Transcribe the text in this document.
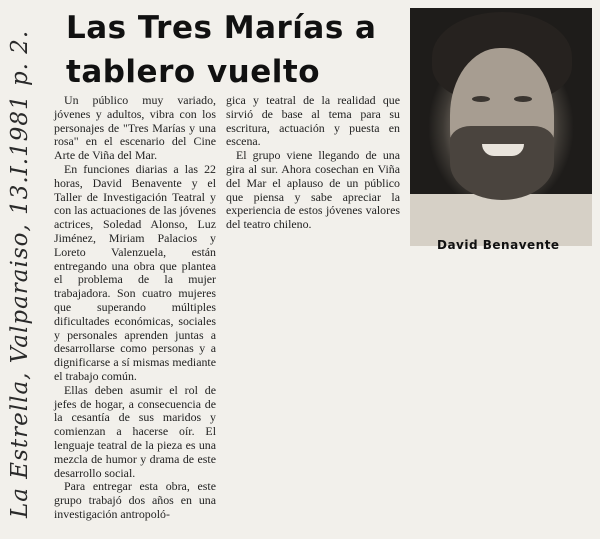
La Estrella, Valparaiso, 13.I.1981 p. 2.
Las Tres Marías a tablero vuelto
David Benavente

Un público muy variado, jóvenes y adultos, vibra con los personajes de "Tres Marías y una rosa" en el escenario del Cine Arte de Viña del Mar.

En funciones diarias a las 22 horas, David Benavente y el Taller de Investigación Teatral y con las actuaciones de las jóvenes actrices, Soledad Alonso, Luz Jiménez, Miriam Palacios y Loreto Valenzuela, están entregando una obra que plantea el problema de la mujer trabajadora. Son cuatro mujeres que superando múltiples dificultades económicas, sociales y personales aprenden juntas a desarrollarse como personas y a dignificarse a sí mismas mediante el trabajo común.

Ellas deben asumir el rol de jefes de hogar, a consecuencia de la cesantía de sus maridos y comienzan a hacerse oír. El lenguaje teatral de la pieza es una mezcla de humor y drama de este desarrollo social.

Para entregar esta obra, este grupo trabajó dos años en una investigación antropoló-

gica y teatral de la realidad que sirvió de base al tema para su escritura, actuación y puesta en escena.

El grupo viene llegando de una gira al sur. Ahora cosechan en Viña del Mar el aplauso de un público que piensa y sabe apreciar la experiencia de estos jóvenes valores del teatro chileno.
